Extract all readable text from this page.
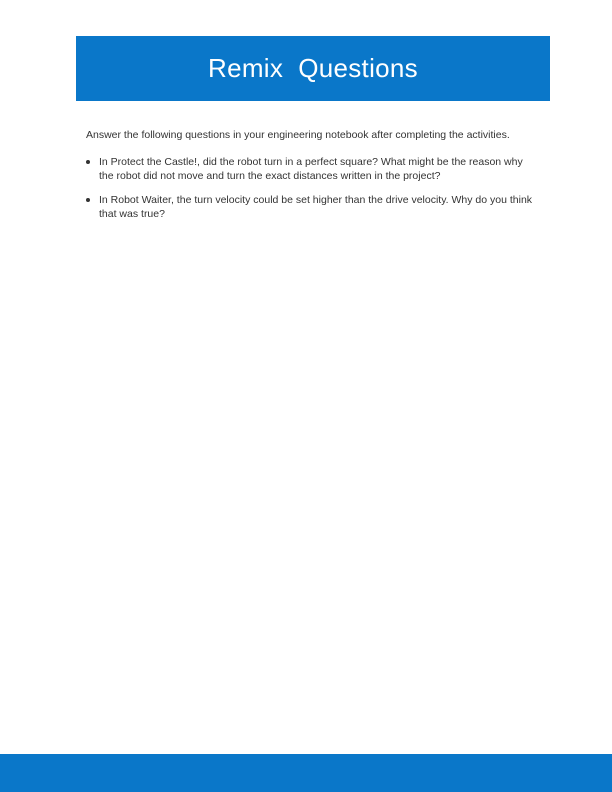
Remix  Questions

Answer the following questions in your engineering notebook after completing the activities.

In Protect the Castle!, did the robot turn in a perfect square? What might be the reason why the robot did not move and turn the exact distances written in the project?
In Robot Waiter, the turn velocity could be set higher than the drive velocity. Why do you think that was true?
